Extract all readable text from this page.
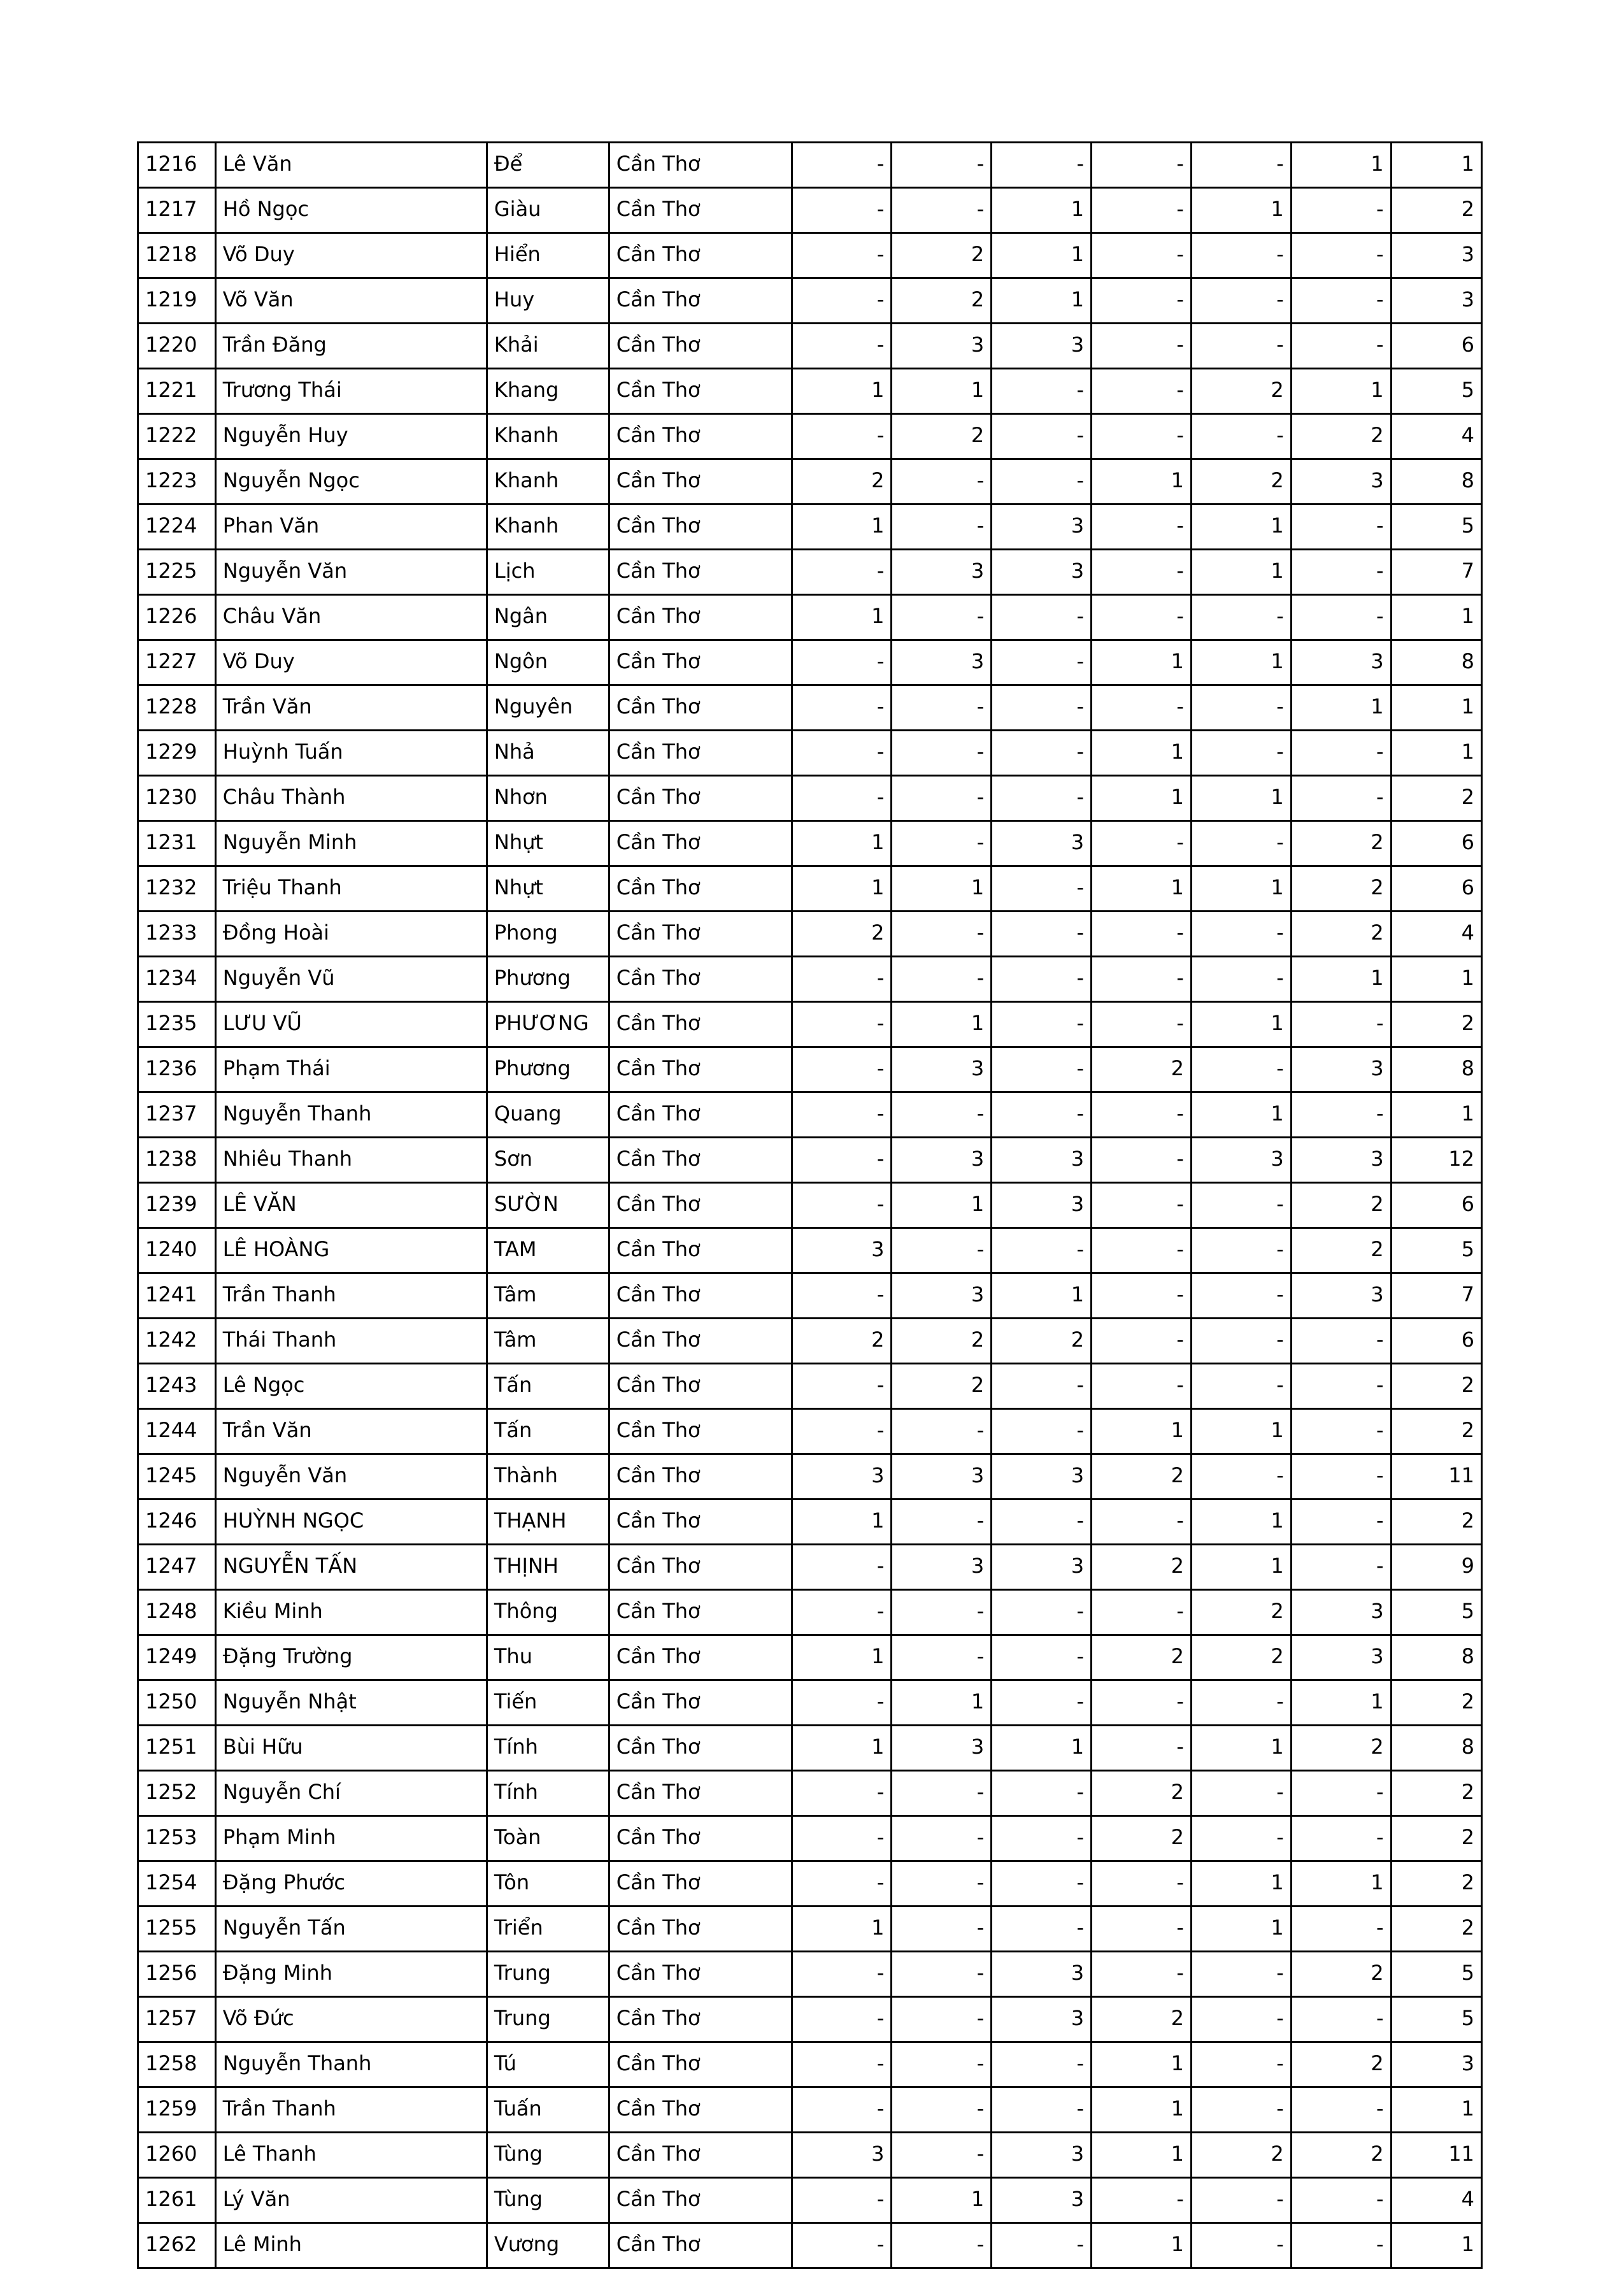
1216	Lê Văn	Để	Cần Thơ	-	-	-	-	-	1	1
1217	Hồ Ngọc	Giàu	Cần Thơ	-	-	1	-	1	-	2
1218	Võ Duy	Hiển	Cần Thơ	-	2	1	-	-	-	3
1219	Võ Văn	Huy	Cần Thơ	-	2	1	-	-	-	3
1220	Trần Đăng	Khải	Cần Thơ	-	3	3	-	-	-	6
1221	Trương Thái	Khang	Cần Thơ	1	1	-	-	2	1	5
1222	Nguyễn Huy	Khanh	Cần Thơ	-	2	-	-	-	2	4
1223	Nguyễn Ngọc	Khanh	Cần Thơ	2	-	-	1	2	3	8
1224	Phan Văn	Khanh	Cần Thơ	1	-	3	-	1	-	5
1225	Nguyễn Văn	Lịch	Cần Thơ	-	3	3	-	1	-	7
1226	Châu Văn	Ngân	Cần Thơ	1	-	-	-	-	-	1
1227	Võ Duy	Ngôn	Cần Thơ	-	3	-	1	1	3	8
1228	Trần Văn	Nguyên	Cần Thơ	-	-	-	-	-	1	1
1229	Huỳnh Tuấn	Nhả	Cần Thơ	-	-	-	1	-	-	1
1230	Châu Thành	Nhơn	Cần Thơ	-	-	-	1	1	-	2
1231	Nguyễn Minh	Nhựt	Cần Thơ	1	-	3	-	-	2	6
1232	Triệu Thanh	Nhựt	Cần Thơ	1	1	-	1	1	2	6
1233	Đồng Hoài	Phong	Cần Thơ	2	-	-	-	-	2	4
1234	Nguyễn Vũ	Phương	Cần Thơ	-	-	-	-	-	1	1
1235	LƯU VŨ	PHƯƠNG	Cần Thơ	-	1	-	-	1	-	2
1236	Phạm Thái	Phương	Cần Thơ	-	3	-	2	-	3	8
1237	Nguyễn Thanh	Quang	Cần Thơ	-	-	-	-	1	-	1
1238	Nhiêu Thanh	Sơn	Cần Thơ	-	3	3	-	3	3	12
1239	LÊ VĂN	SƯỜN	Cần Thơ	-	1	3	-	-	2	6
1240	LÊ HOÀNG	TAM	Cần Thơ	3	-	-	-	-	2	5
1241	Trần Thanh	Tâm	Cần Thơ	-	3	1	-	-	3	7
1242	Thái Thanh	Tâm	Cần Thơ	2	2	2	-	-	-	6
1243	Lê Ngọc	Tấn	Cần Thơ	-	2	-	-	-	-	2
1244	Trần Văn	Tấn	Cần Thơ	-	-	-	1	1	-	2
1245	Nguyễn Văn	Thành	Cần Thơ	3	3	3	2	-	-	11
1246	HUỲNH NGỌC	THẠNH	Cần Thơ	1	-	-	-	1	-	2
1247	NGUYỄN TẤN	THỊNH	Cần Thơ	-	3	3	2	1	-	9
1248	Kiều Minh	Thông	Cần Thơ	-	-	-	-	2	3	5
1249	Đặng Trường	Thu	Cần Thơ	1	-	-	2	2	3	8
1250	Nguyễn Nhật	Tiến	Cần Thơ	-	1	-	-	-	1	2
1251	Bùi Hữu	Tính	Cần Thơ	1	3	1	-	1	2	8
1252	Nguyễn Chí	Tính	Cần Thơ	-	-	-	2	-	-	2
1253	Phạm Minh	Toàn	Cần Thơ	-	-	-	2	-	-	2
1254	Đặng Phước	Tôn	Cần Thơ	-	-	-	-	1	1	2
1255	Nguyễn Tấn	Triển	Cần Thơ	1	-	-	-	1	-	2
1256	Đặng Minh	Trung	Cần Thơ	-	-	3	-	-	2	5
1257	Võ Đức	Trung	Cần Thơ	-	-	3	2	-	-	5
1258	Nguyễn Thanh	Tú	Cần Thơ	-	-	-	1	-	2	3
1259	Trần Thanh	Tuấn	Cần Thơ	-	-	-	1	-	-	1
1260	Lê Thanh	Tùng	Cần Thơ	3	-	3	1	2	2	11
1261	Lý Văn	Tùng	Cần Thơ	-	1	3	-	-	-	4
1262	Lê Minh	Vương	Cần Thơ	-	-	-	1	-	-	1
